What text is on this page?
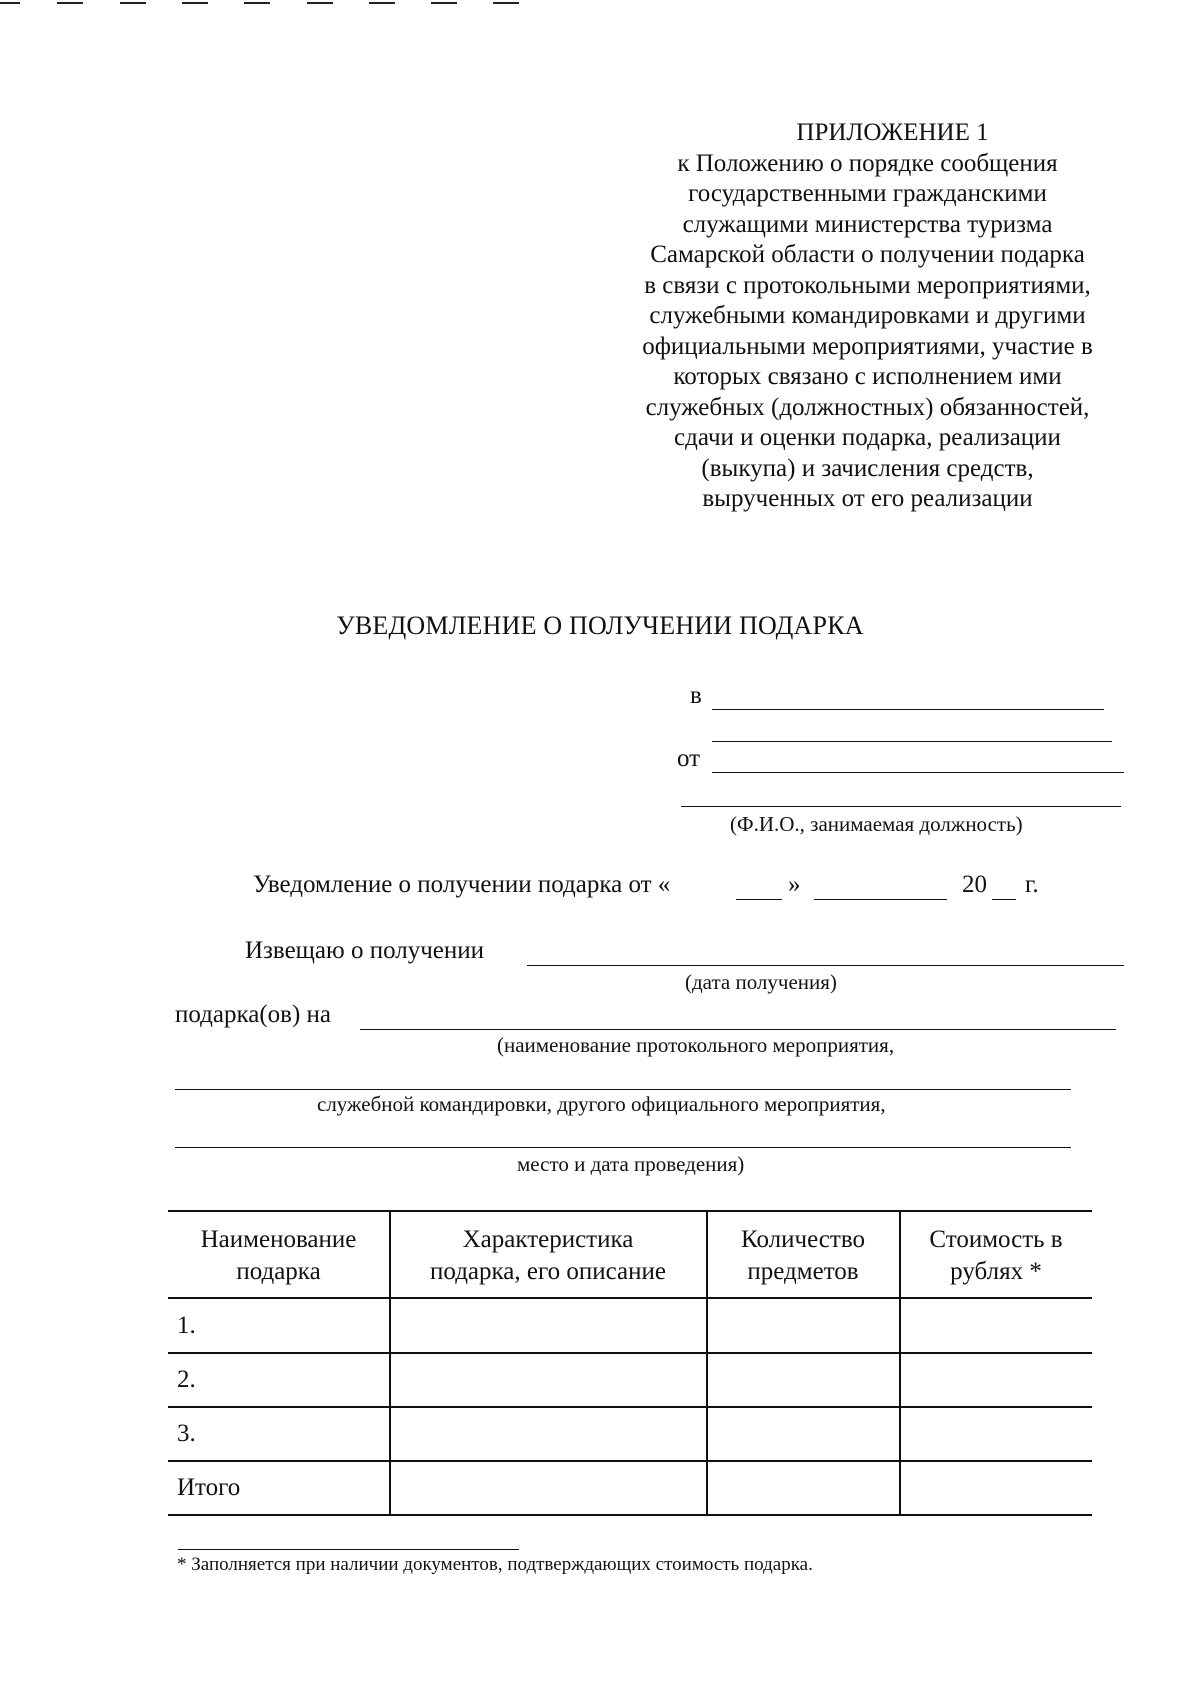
ПРИЛОЖЕНИЕ 1
к Положению о порядке сообщения
государственными гражданскими
служащими министерства туризма
Самарской области о получении подарка
в связи с протокольными мероприятиями,
служебными командировками и другими
официальными мероприятиями, участие в
которых связано с исполнением ими
служебных (должностных) обязанностей,
сдачи и оценки подарка, реализации
(выкупа) и зачисления средств,
вырученных от его реализации
УВЕДОМЛЕНИЕ О ПОЛУЧЕНИИ ПОДАРКА
в
от
(Ф.И.О., занимаемая должность)
Уведомление о получении подарка от «	»	20 г.
Извещаю о получении
(дата получения)
подарка(ов) на
(наименование протокольного мероприятия,
служебной командировки, другого официального мероприятия,
место и дата проведения)
Наименование
подарка
Характеристика
подарка, его описание
Количество
предметов
Стоимость в
рублях *
1.
2.
3.
Итого
* Заполняется при наличии документов, подтверждающих стоимость подарка.
